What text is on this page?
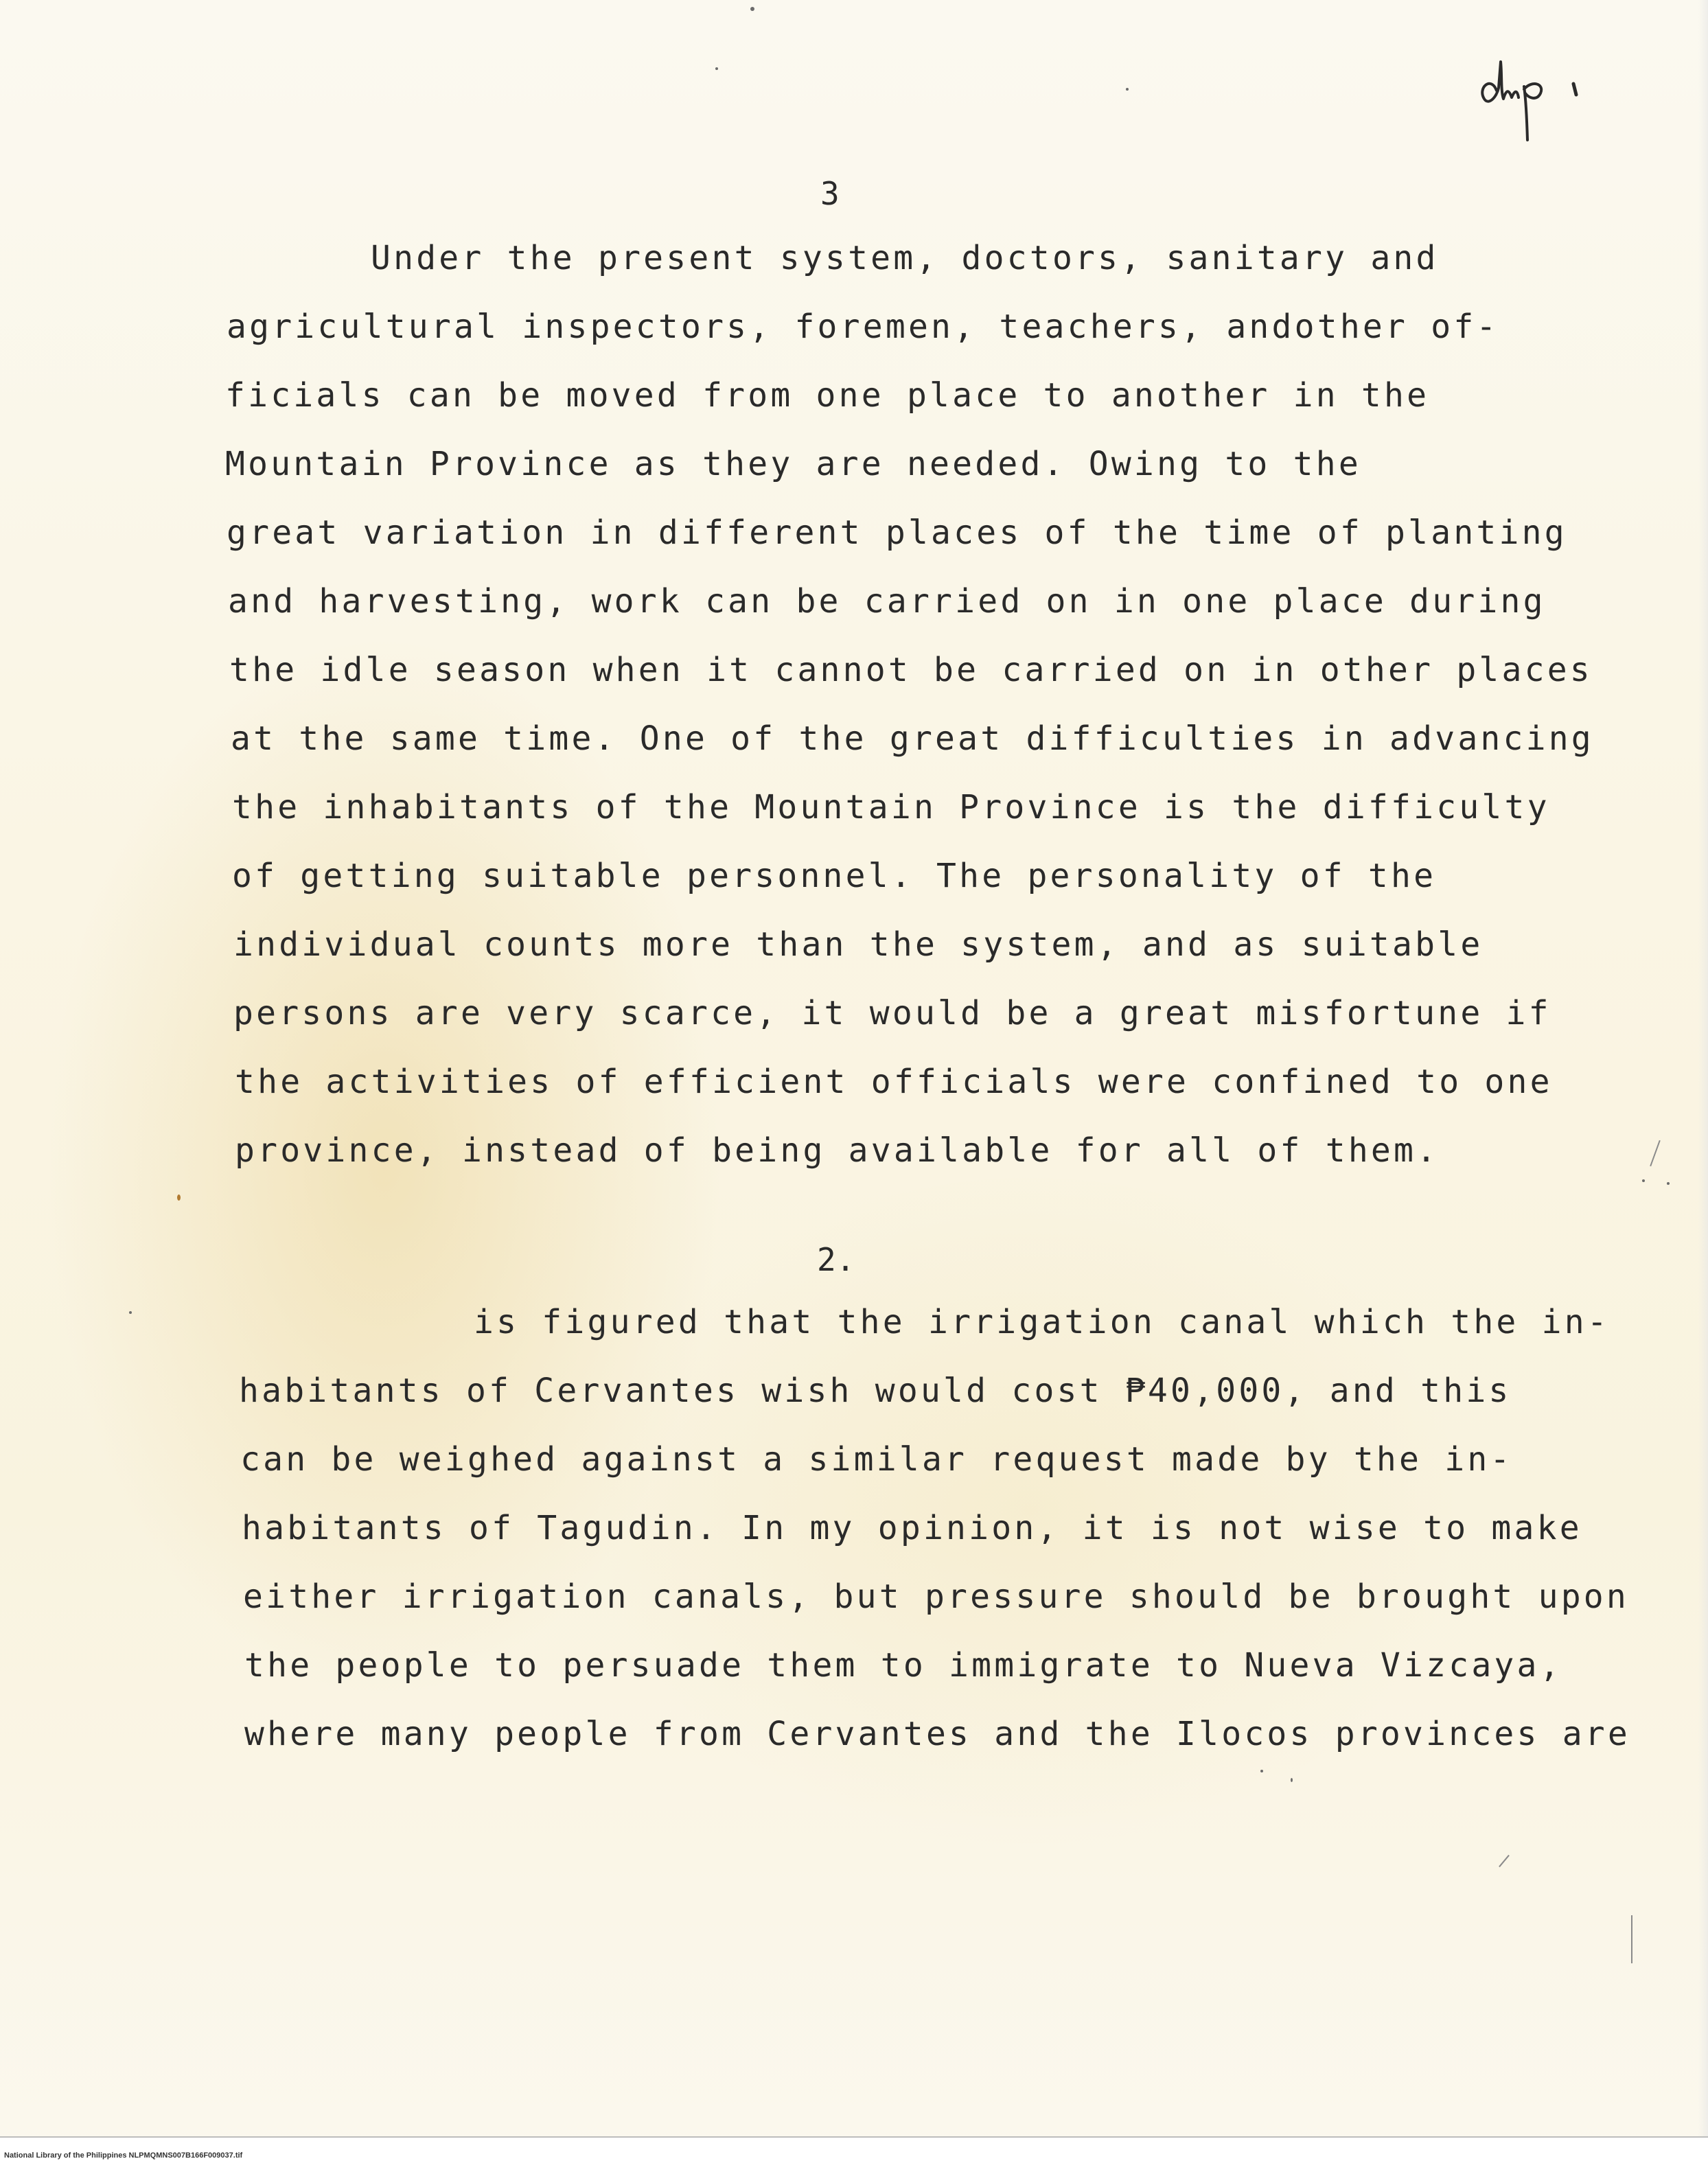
3
Under the present system, doctors, sanitary and
agricultural inspectors, foremen, teachers, andother of-
ficials can be moved from one place to another in the
Mountain Province as they are needed. Owing to the
great variation in different places of the time of planting
and harvesting, work can be carried on in one place during
the idle season when it cannot be carried on in other places
at the same time. One of the great difficulties in advancing
the inhabitants of the Mountain Province is the difficulty
of getting suitable personnel. The personality of the
individual counts more than the system, and as suitable
persons are very scarce, it would be a great misfortune if
the activities of efficient officials were confined to one
province, instead of being available for all of them.
2.
is figured that the irrigation canal which the in-
habitants of Cervantes wish would cost ₱40,000, and this
can be weighed against a similar request made by the in-
habitants of Tagudin. In my opinion, it is not wise to make
either irrigation canals, but pressure should be brought upon
the people to persuade them to immigrate to Nueva Vizcaya,
where many people from Cervantes and the Ilocos provinces are
National Library of the Philippines NLPMQMNS007B166F009037.tif
